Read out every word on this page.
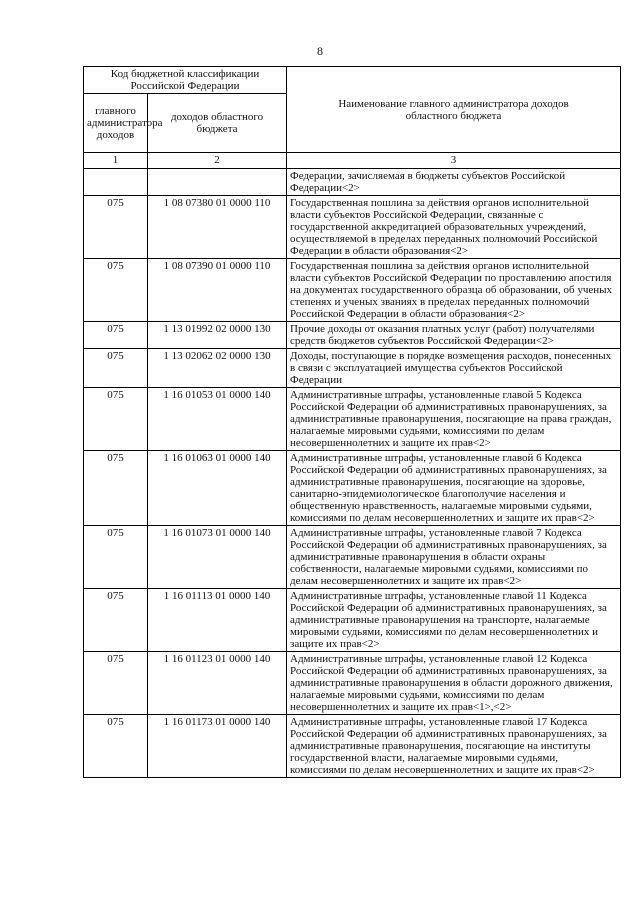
8
Код бюджетной классификации Российской Федерации		Наименование главного администратора доходов областного бюджета
главного администратора доходов	доходов областного бюджета	
1	2	3
		Федерации, зачисляемая в бюджеты субъектов Российской Федерации<2>
075	1 08 07380 01 0000 110	Государственная пошлина за действия органов исполнительной власти субъектов Российской Федерации, связанные с государственной аккредитацией образовательных учреждений, осуществляемой в пределах переданных полномочий Российской Федерации в области образования<2>
075	1 08 07390 01 0000 110	Государственная пошлина за действия органов исполнительной власти субъектов Российской Федерации по проставлению апостиля на документах государственного образца об образовании, об ученых степенях и ученых званиях в пределах переданных полномочий Российской Федерации в области образования<2>
075	1 13 01992 02 0000 130	Прочие доходы от оказания платных услуг (работ) получателями средств бюджетов субъектов Российской Федерации<2>
075	1 13 02062 02 0000 130	Доходы, поступающие в порядке возмещения расходов, понесенных в связи с эксплуатацией имущества субъектов Российской Федерации
075	1 16 01053 01 0000 140	Административные штрафы, установленные главой 5 Кодекса Российской Федерации об административных правонарушениях, за административные правонарушения, посягающие на права граждан, налагаемые мировыми судьями, комиссиями по делам несовершеннолетних и защите их прав<2>
075	1 16 01063 01 0000 140	Административные штрафы, установленные главой 6 Кодекса Российской Федерации об административных правонарушениях, за административные правонарушения, посягающие на здоровье, санитарно-эпидемиологическое благополучие населения и общественную нравственность, налагаемые мировыми судьями, комиссиями по делам несовершеннолетних и защите их прав<2>
075	1 16 01073 01 0000 140	Административные штрафы, установленные главой 7 Кодекса Российской Федерации об административных правонарушениях, за административные правонарушения в области охраны собственности, налагаемые мировыми судьями, комиссиями по делам несовершеннолетних и защите их прав<2>
075	1 16 01113 01 0000 140	Административные штрафы, установленные главой 11 Кодекса Российской Федерации об административных правонарушениях, за административные правонарушения на транспорте, налагаемые мировыми судьями, комиссиями по делам несовершеннолетних и защите их прав<2>
075	1 16 01123 01 0000 140	Административные штрафы, установленные главой 12 Кодекса Российской Федерации об административных правонарушениях, за административные правонарушения в области дорожного движения, налагаемые мировыми судьями, комиссиями по делам несовершеннолетних и защите их прав<1>,<2>
075	1 16 01173 01 0000 140	Административные штрафы, установленные главой 17 Кодекса Российской Федерации об административных правонарушениях, за административные правонарушения, посягающие на институты государственной власти, налагаемые мировыми судьями, комиссиями по делам несовершеннолетних и защите их прав<2>
